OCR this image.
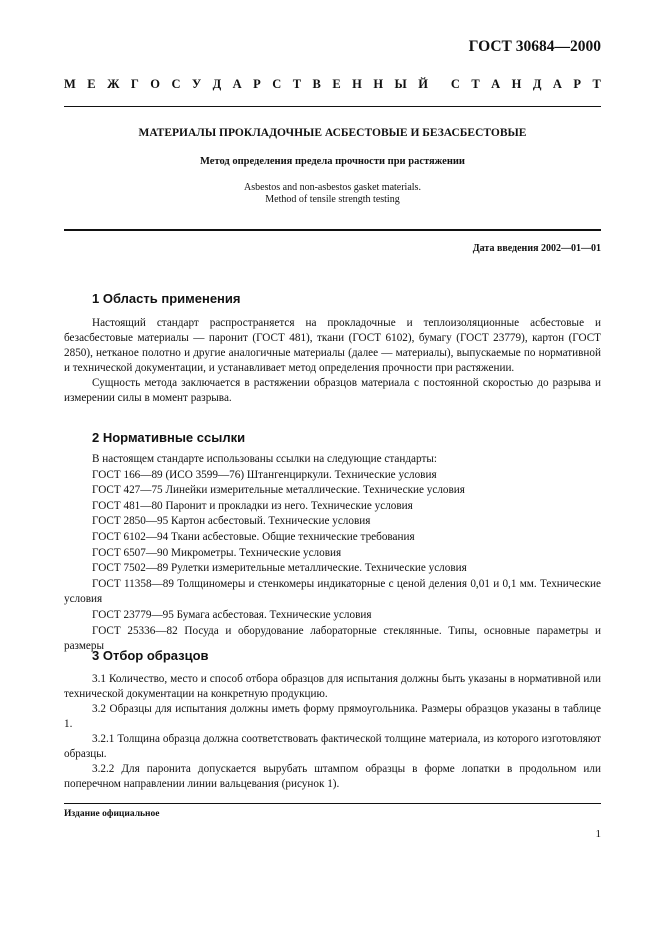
ГОСТ 30684—2000
М Е Ж Г О С У Д А Р С Т В Е Н Н Ы Й С Т А Н Д А Р Т
МАТЕРИАЛЫ ПРОКЛАДОЧНЫЕ АСБЕСТОВЫЕ И БЕЗАСБЕСТОВЫЕ
Метод определения предела прочности при растяжении
Asbestos and non-asbestos gasket materials.
Method of tensile strength testing
Дата введения 2002—01—01
1 Область применения

Настоящий стандарт распространяется на прокладочные и теплоизоляционные асбестовые и безасбестовые материалы — паронит (ГОСТ 481), ткани (ГОСТ 6102), бумагу (ГОСТ 23779), картон (ГОСТ 2850), нетканое полотно и другие аналогичные материалы (далее — материалы), выпускаемые по нормативной и технической документации, и устанавливает метод определения прочности при растяжении.

Сущность метода заключается в растяжении образцов материала с постоянной скоростью до разрыва и измерении силы в момент разрыва.

2 Нормативные ссылки

В настоящем стандарте использованы ссылки на следующие стандарты:

ГОСТ 166—89 (ИСО 3599—76) Штангенциркули. Технические условия

ГОСТ 427—75 Линейки измерительные металлические. Технические условия

ГОСТ 481—80 Паронит и прокладки из него. Технические условия

ГОСТ 2850—95 Картон асбестовый. Технические условия

ГОСТ 6102—94 Ткани асбестовые. Общие технические требования

ГОСТ 6507—90 Микрометры. Технические условия

ГОСТ 7502—89 Рулетки измерительные металлические. Технические условия

ГОСТ 11358—89 Толщиномеры и стенкомеры индикаторные с ценой деления 0,01 и 0,1 мм. Технические условия

ГОСТ 23779—95 Бумага асбестовая. Технические условия

ГОСТ 25336—82 Посуда и оборудование лабораторные стеклянные. Типы, основные параметры и размеры

3 Отбор образцов

3.1 Количество, место и способ отбора образцов для испытания должны быть указаны в нормативной или технической документации на конкретную продукцию.

3.2 Образцы для испытания должны иметь форму прямоугольника. Размеры образцов указаны в таблице 1.

3.2.1 Толщина образца должна соответствовать фактической толщине материала, из которого изготовляют образцы.

3.2.2 Для паронита допускается вырубать штампом образцы в форме лопатки в продольном или поперечном направлении линии вальцевания (рисунок 1).

Издание официальное
1
